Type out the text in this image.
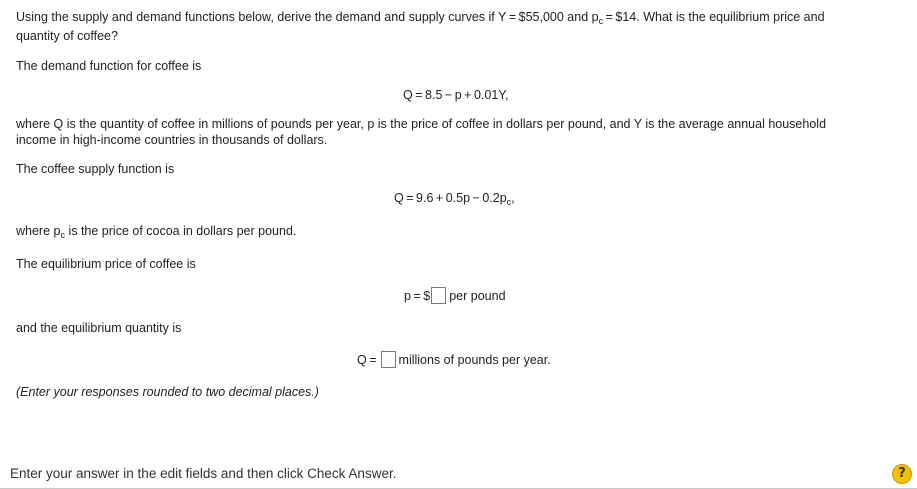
Using the supply and demand functions below, derive the demand and supply curves if Y = $55,000 and $p_c$ = $14. What is the equilibrium price and
quantity of coffee?
The demand function for coffee is
Q = 8.5 − p + 0.01Y,
where Q is the quantity of coffee in millions of pounds per year, p is the price of coffee in dollars per pound, and Y is the average annual household
income in high-income countries in thousands of dollars.
The coffee supply function is
$Q = 9.6 + 0.5p - 0.2p_c$,
where $p_c$ is the price of cocoa in dollars per pound.
The equilibrium price of coffee is
p = $ per pound
and the equilibrium quantity is
Q = millions of pounds per year.
(Enter your responses rounded to two decimal places.)
Enter your answer in the edit fields and then click Check Answer.	?
